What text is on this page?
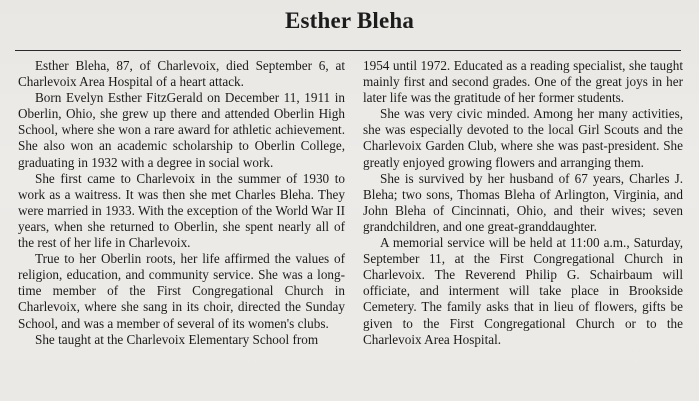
Esther Bleha

Esther Bleha, 87, of Charlevoix, died September 6, at Charlevoix Area Hospital of a heart attack.

Born Evelyn Esther FitzGerald on December 11, 1911 in Oberlin, Ohio, she grew up there and attended Oberlin High School, where she won a rare award for athletic achievement. She also won an academic scholarship to Oberlin College, graduating in 1932 with a degree in social work.

She first came to Charlevoix in the summer of 1930 to work as a waitress. It was then she met Charles Bleha. They were married in 1933. With the exception of the World War II years, when she returned to Oberlin, she spent nearly all of the rest of her life in Charlevoix.

True to her Oberlin roots, her life affirmed the values of religion, education, and community service. She was a long-time member of the First Congregational Church in Charlevoix, where she sang in its choir, directed the Sunday School, and was a member of several of its women's clubs.

She taught at the Charlevoix Elementary School from

1954 until 1972. Educated as a reading specialist, she taught mainly first and second grades. One of the great joys in her later life was the gratitude of her former students.

She was very civic minded. Among her many activities, she was especially devoted to the local Girl Scouts and the Charlevoix Garden Club, where she was past-president. She greatly enjoyed growing flowers and arranging them.

She is survived by her husband of 67 years, Charles J. Bleha; two sons, Thomas Bleha of Arlington, Virginia, and John Bleha of Cincinnati, Ohio, and their wives; seven grandchildren, and one great-granddaughter.

A memorial service will be held at 11:00 a.m., Saturday, September 11, at the First Congregational Church in Charlevoix. The Reverend Philip G. Schairbaum will officiate, and interment will take place in Brookside Cemetery. The family asks that in lieu of flowers, gifts be given to the First Congregational Church or to the Charlevoix Area Hospital.
